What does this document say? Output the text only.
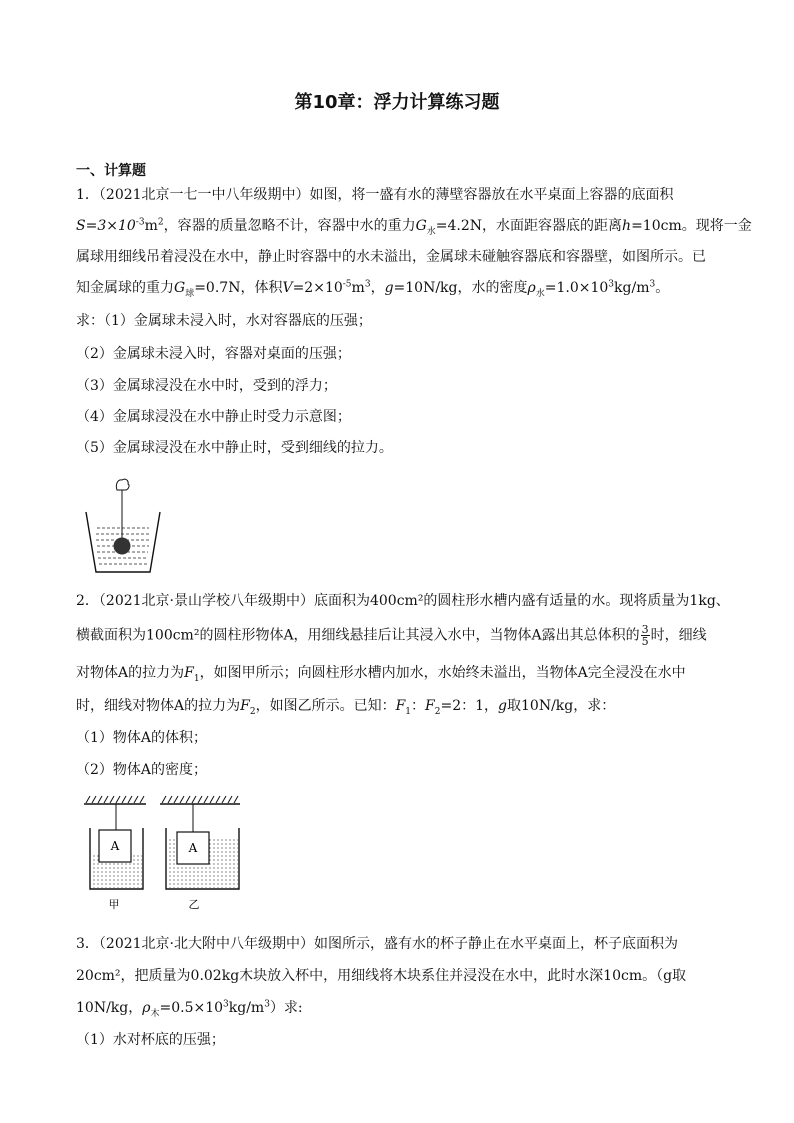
第10章：浮力计算练习题
一、计算题
1．（2021北京一七一中八年级期中）如图，将一盛有水的薄壁容器放在水平桌面上容器的底面积
$S=3\times 10^{-3}m^2$，容器的质量忽略不计，容器中水的重力$G_水=4.2N$，水面距容器底的距离h=10cm。现将一金
属球用细线吊着浸没在水中，静止时容器中的水未溢出，金属球未碰触容器底和容器壁，如图所示。已
知金属球的重力$G_球=0.7N$，体积$V=2\times 10^{-5}m^3$，g=10N/kg，水的密度$\rho_水=1.0\times 10^3kg/m^3$。
求：（1）金属球未浸入时，水对容器底的压强；
（2）金属球未浸入时，容器对桌面的压强；
（3）金属球浸没在水中时，受到的浮力；
（4）金属球浸没在水中静止时受力示意图；
（5）金属球浸没在水中静止时，受到细线的拉力。
2．（2021北京·景山学校八年级期中）底面积为400cm²的圆柱形水槽内盛有适量的水。现将质量为1kg、
横截面积为100cm²的圆柱形物体A，用细线悬挂后让其浸入水中，当物体A露出其总体积的 $\frac{3}{5}$ 时，细线
对物体A的拉力为$F_1$，如图甲所示；向圆柱形水槽内加水，水始终未溢出，当物体A完全浸没在水中
时，细线对物体A的拉力为$F_2$，如图乙所示。已知：$F_1$：$F_2=2$：1，g取10N/kg，求：
（1）物体A的体积；
（2）物体A的密度；
A	A
甲	乙
3．（2021北京·北大附中八年级期中）如图所示，盛有水的杯子静止在水平桌面上，杯子底面积为
20cm²，把质量为0.02kg木块放入杯中，用细线将木块系住并浸没在水中，此时水深10cm。（g取
10N/kg，$\rho_木=0.5\times 10^3kg/m^3$）求:
（1）水对杯底的压强；
